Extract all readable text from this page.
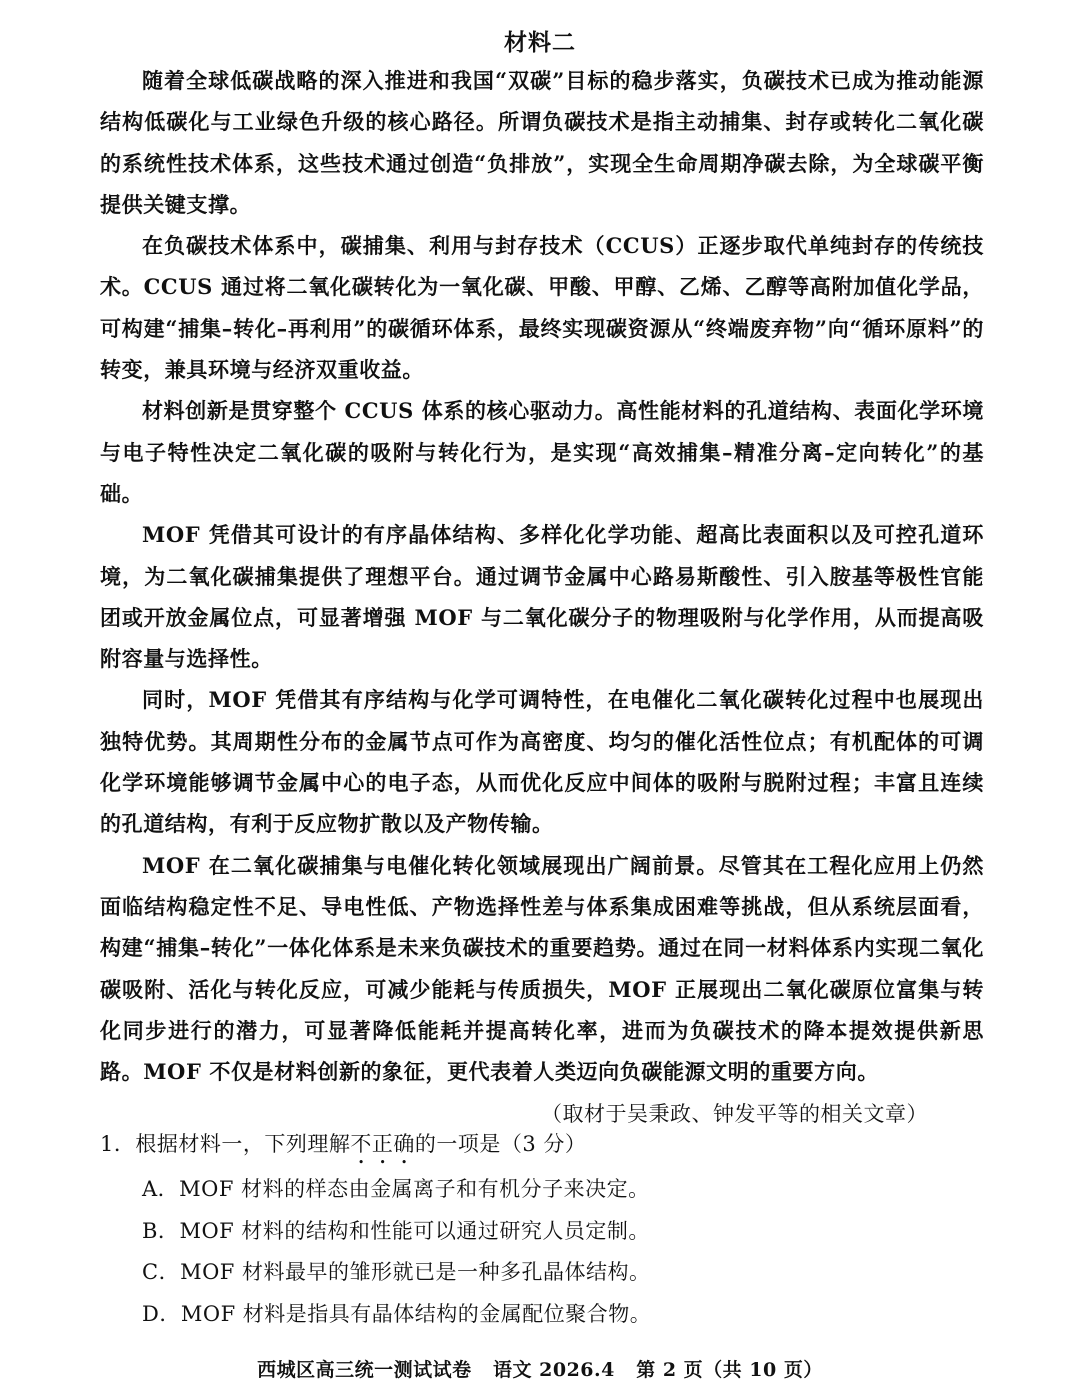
材料二

随着全球低碳战略的深入推进和我国“双碳”目标的稳步落实，负碳技术已成为推动能源结构低碳化与工业绿色升级的核心路径。所谓负碳技术是指主动捕集、封存或转化二氧化碳的系统性技术体系，这些技术通过创造“负排放”，实现全生命周期净碳去除，为全球碳平衡提供关键支撑。

在负碳技术体系中，碳捕集、利用与封存技术（CCUS）正逐步取代单纯封存的传统技术。CCUS 通过将二氧化碳转化为一氧化碳、甲酸、甲醇、乙烯、乙醇等高附加值化学品，可构建“捕集–转化–再利用”的碳循环体系，最终实现碳资源从“终端废弃物”向“循环原料”的转变，兼具环境与经济双重收益。

材料创新是贯穿整个 CCUS 体系的核心驱动力。高性能材料的孔道结构、表面化学环境与电子特性决定二氧化碳的吸附与转化行为，是实现“高效捕集–精准分离–定向转化”的基础。

MOF 凭借其可设计的有序晶体结构、多样化化学功能、超高比表面积以及可控孔道环境，为二氧化碳捕集提供了理想平台。通过调节金属中心路易斯酸性、引入胺基等极性官能团或开放金属位点，可显著增强 MOF 与二氧化碳分子的物理吸附与化学作用，从而提高吸附容量与选择性。

同时，MOF 凭借其有序结构与化学可调特性，在电催化二氧化碳转化过程中也展现出独特优势。其周期性分布的金属节点可作为高密度、均匀的催化活性位点；有机配体的可调化学环境能够调节金属中心的电子态，从而优化反应中间体的吸附与脱附过程；丰富且连续的孔道结构，有利于反应物扩散以及产物传输。

MOF 在二氧化碳捕集与电催化转化领域展现出广阔前景。尽管其在工程化应用上仍然面临结构稳定性不足、导电性低、产物选择性差与体系集成困难等挑战，但从系统层面看，构建“捕集–转化”一体化体系是未来负碳技术的重要趋势。通过在同一材料体系内实现二氧化碳吸附、活化与转化反应，可减少能耗与传质损失，MOF 正展现出二氧化碳原位富集与转化同步进行的潜力，可显著降低能耗并提高转化率，进而为负碳技术的降本提效提供新思路。MOF 不仅是材料创新的象征，更代表着人类迈向负碳能源文明的重要方向。

（取材于吴秉政、钟发平等的相关文章）

1．根据材料一，下列理解不正确的一项是（3 分）

A．MOF 材料的样态由金属离子和有机分子来决定。

B．MOF 材料的结构和性能可以通过研究人员定制。

C．MOF 材料最早的雏形就已是一种多孔晶体结构。

D．MOF 材料是指具有晶体结构的金属配位聚合物。

西城区高三统一测试试卷 语文 2026.4 第 2 页（共 10 页）
